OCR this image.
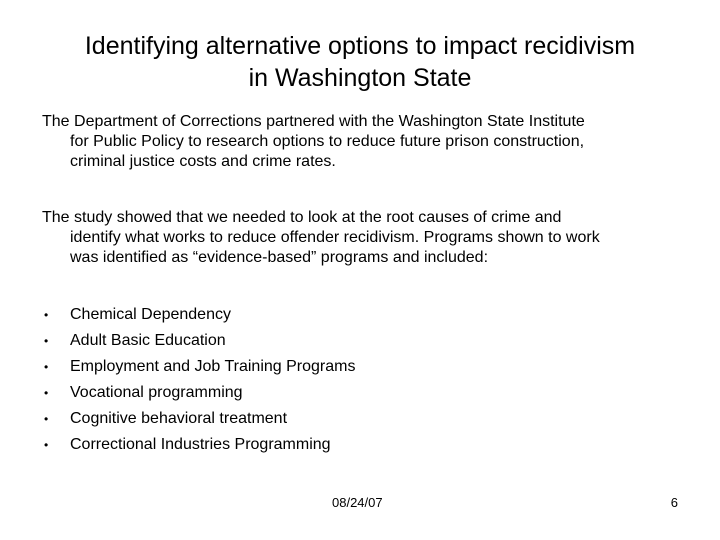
Identifying alternative options to impact recidivism
in Washington State

The Department of Corrections partnered with the Washington State Institute
for Public Policy to research options to reduce future prison construction,
criminal justice costs and crime rates.

The study showed that we needed to look at the root causes of crime and
identify what works to reduce offender recidivism. Programs shown to work
was identified as “evidence-based” programs and included:

• Chemical Dependency
• Adult Basic Education
• Employment and Job Training Programs
• Vocational programming
• Cognitive behavioral treatment
• Correctional Industries Programming
08/24/07	6
